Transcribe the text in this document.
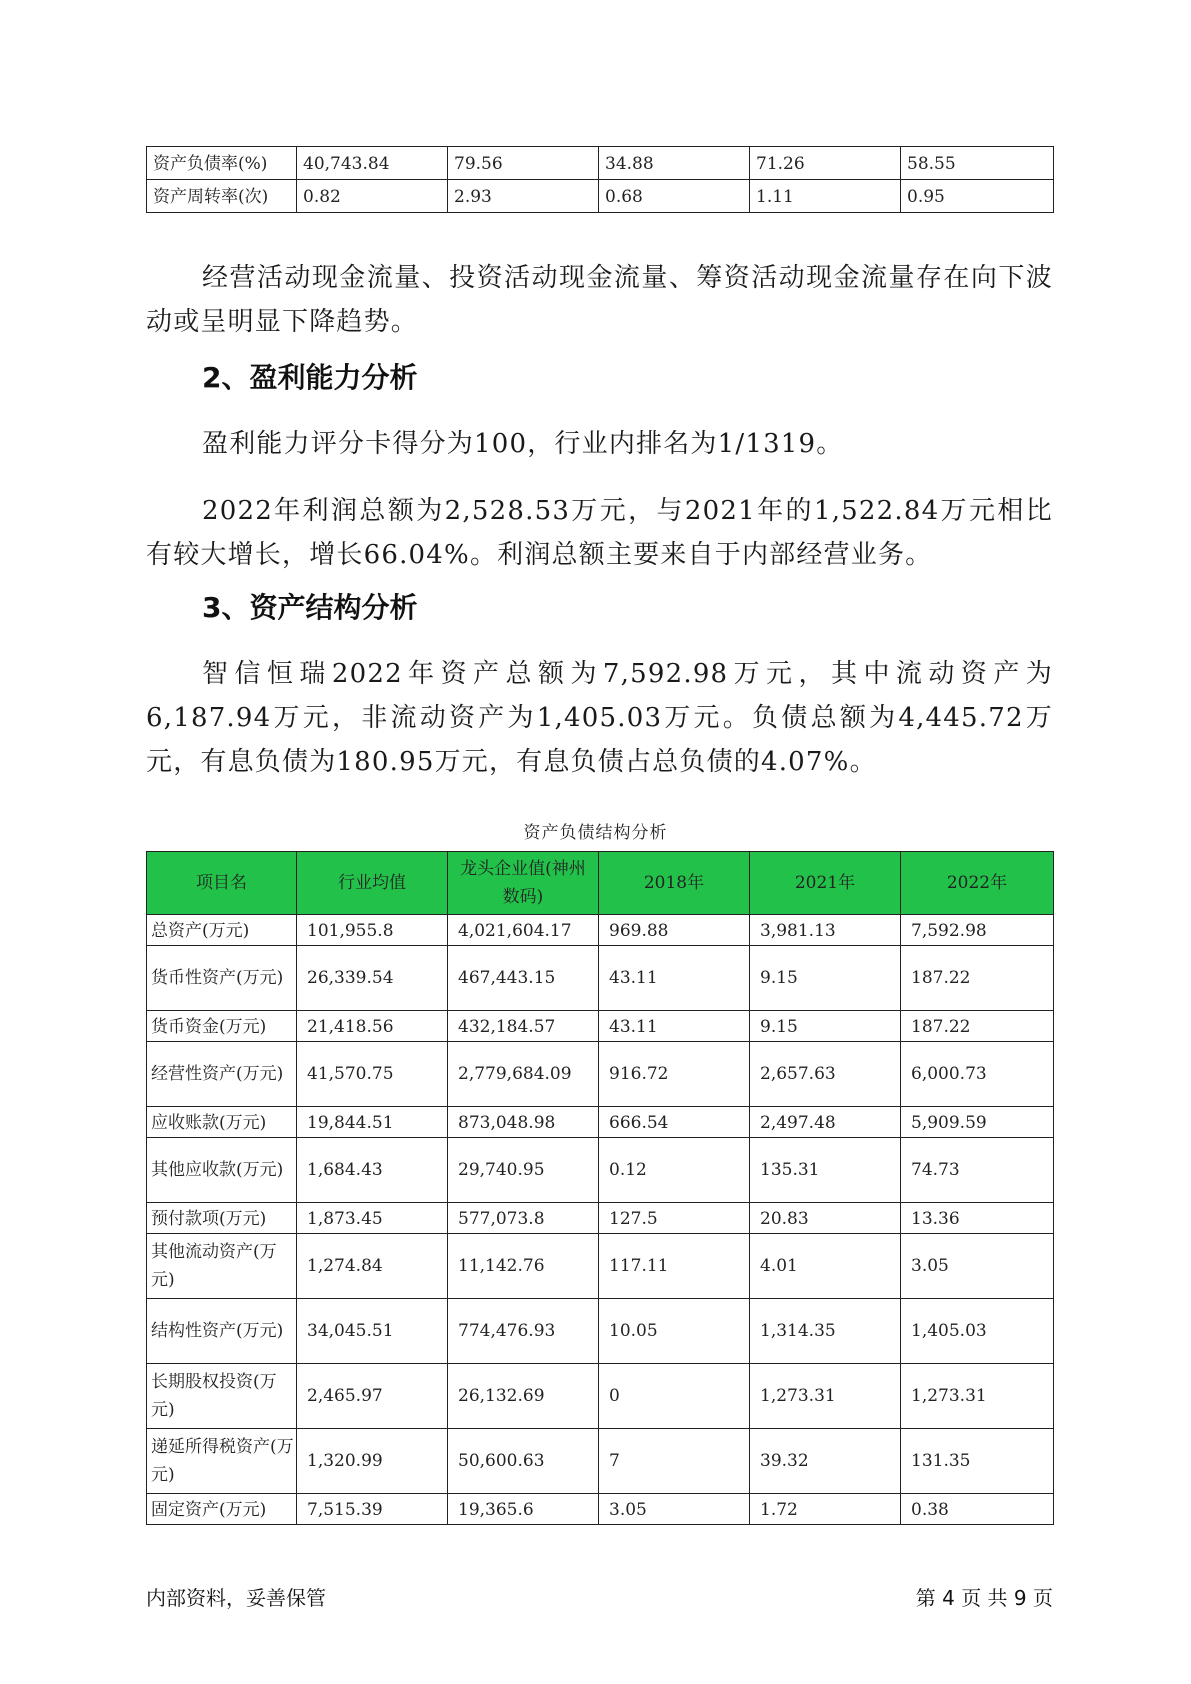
资产负债率(%)	40,743.84	79.56	34.88	71.26	58.55
资产周转率(次)	0.82	2.93	0.68	1.11	0.95
经营活动现金流量、投资活动现金流量、筹资活动现金流量存在向下波动或呈明显下降趋势。
2、盈利能力分析
盈利能力评分卡得分为100，行业内排名为1/1319。
2022年利润总额为2,528.53万元，与2021年的1,522.84万元相比有较大增长，增长66.04%。利润总额主要来自于内部经营业务。
3、资产结构分析
智信恒瑞2022年资产总额为7,592.98万元，其中流动资产为6,187.94万元，非流动资产为1,405.03万元。负债总额为4,445.72万元，有息负债为180.95万元，有息负债占总负债的4.07%。
资产负债结构分析
项目名	行业均值	龙头企业值(神州数码)	2018年	2021年	2022年
总资产(万元)	101,955.8	4,021,604.17	969.88	3,981.13	7,592.98
货币性资产(万元)	26,339.54	467,443.15	43.11	9.15	187.22
货币资金(万元)	21,418.56	432,184.57	43.11	9.15	187.22
经营性资产(万元)	41,570.75	2,779,684.09	916.72	2,657.63	6,000.73
应收账款(万元)	19,844.51	873,048.98	666.54	2,497.48	5,909.59
其他应收款(万元)	1,684.43	29,740.95	0.12	135.31	74.73
预付款项(万元)	1,873.45	577,073.8	127.5	20.83	13.36
其他流动资产(万元)	1,274.84	11,142.76	117.11	4.01	3.05
结构性资产(万元)	34,045.51	774,476.93	10.05	1,314.35	1,405.03
长期股权投资(万元)	2,465.97	26,132.69	0	1,273.31	1,273.31
递延所得税资产(万元)	1,320.99	50,600.63	7	39.32	131.35
固定资产(万元)	7,515.39	19,365.6	3.05	1.72	0.38
内部资料，妥善保管	第 4 页 共 9 页
